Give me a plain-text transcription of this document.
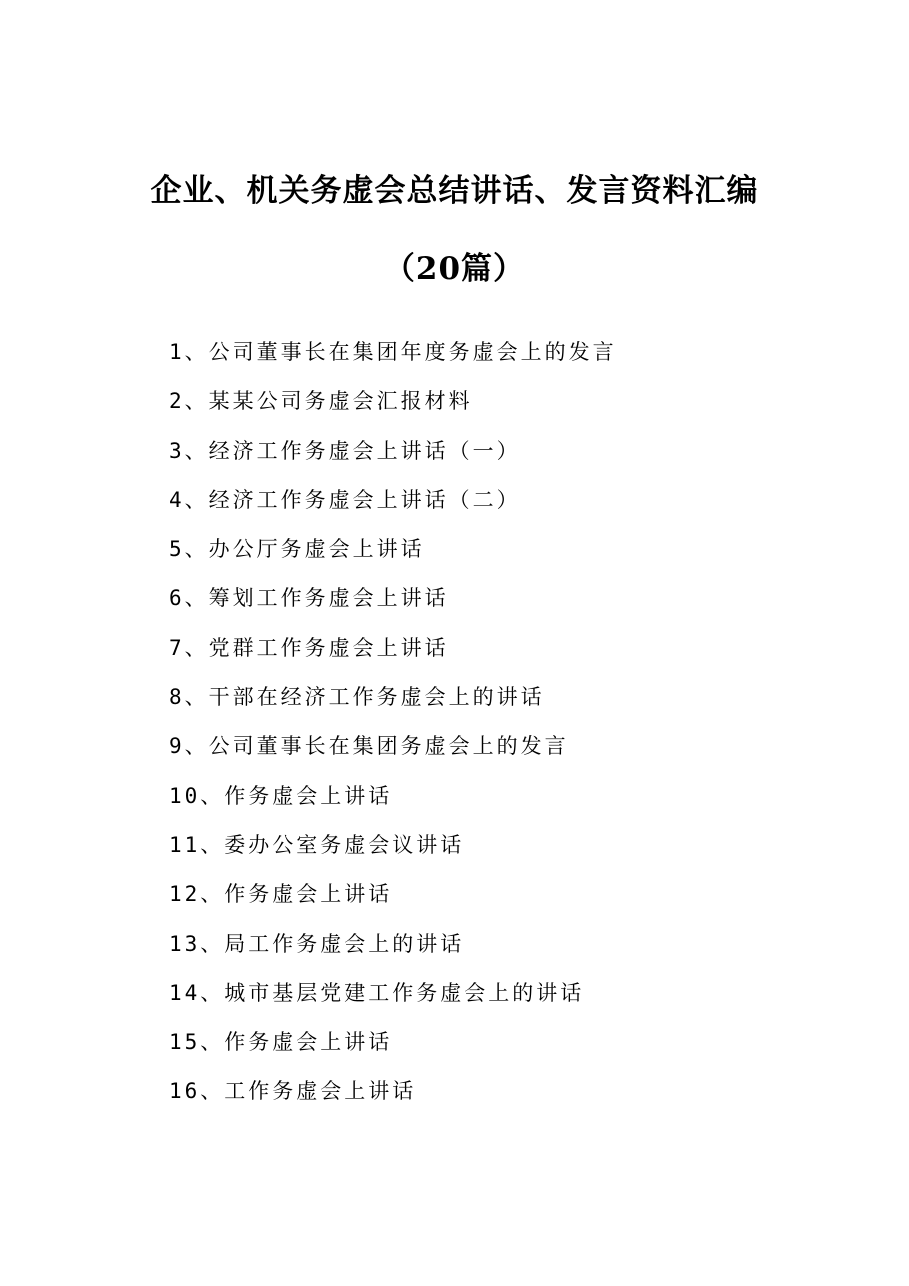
企业、机关务虚会总结讲话、发言资料汇编
（20篇）
1、公司董事长在集团年度务虚会上的发言
2、某某公司务虚会汇报材料
3、经济工作务虚会上讲话（一）
4、经济工作务虚会上讲话（二）
5、办公厅务虚会上讲话
6、筹划工作务虚会上讲话
7、党群工作务虚会上讲话
8、干部在经济工作务虚会上的讲话
9、公司董事长在集团务虚会上的发言
10、作务虚会上讲话
11、委办公室务虚会议讲话
12、作务虚会上讲话
13、局工作务虚会上的讲话
14、城市基层党建工作务虚会上的讲话
15、作务虚会上讲话
16、工作务虚会上讲话
